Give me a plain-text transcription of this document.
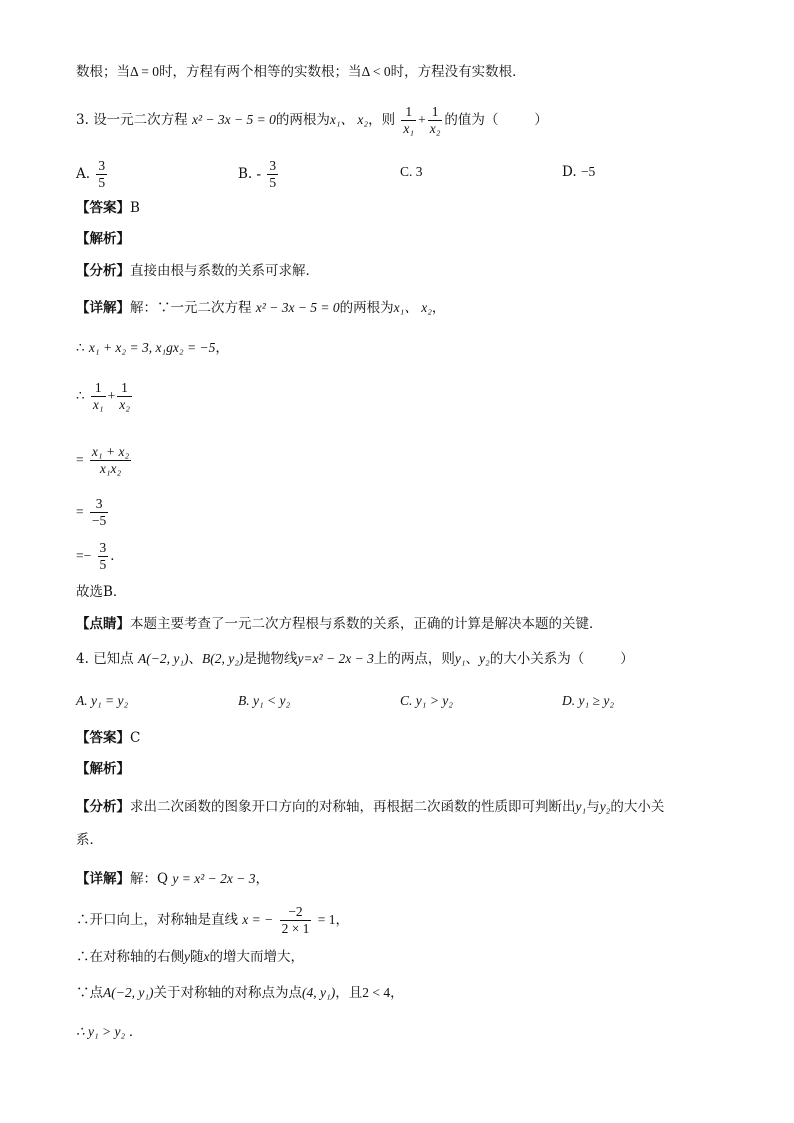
数根；当Δ = 0时，方程有两个相等的实数根；当Δ < 0时，方程没有实数根．
3. 设一元二次方程 x² − 3x − 5 = 0的两根为x₁、 x₂，则 $\frac{1}{\text{x₁}} + \frac{1}{\text{x₂}}$ 的值为（	）
A. $\frac{3}{5}$	B. - $\frac{3}{5}$	C. 3	D. −5
【答案】B
【解析】
【分析】直接由根与系数的关系可求解．
【详解】解：∵一元二次方程 x² − 3x − 5 = 0的两根为x₁、 x₂，
∴ x₁ + x₂ = 3, x₁gx₂ = −5，
∴ $\frac{1}{\text{x₁}} + \frac{1}{\text{x₂}}$
= $\frac{\text{x₁ + x₂}}{\text{x₁x₂}}$
= $\frac{3}{-5}$
=− $\frac{3}{5}$ ．
故选B．
【点睛】本题主要考查了一元二次方程根与系数的关系，正确的计算是解决本题的关键．
4. 已知点 A(−2, y₁)、B(2, y₂)是抛物线y=x² − 2x − 3上的两点，则y₁、y₂的大小关系为（	）
A. y₁ = y₂	B. y₁ < y₂	C. y₁ > y₂	D. y₁ ≥ y₂
【答案】C
【解析】
【分析】求出二次函数的图象开口方向的对称轴，再根据二次函数的性质即可判断出y₁与y₂的大小关
系．
【详解】解：Q y = x² − 2x − 3，
∴开口向上，对称轴是直线 x = − $\frac{-2}{2 \times 1} = 1$，
∴在对称轴的右侧y随x的增大而增大，
∵点A(−2, y₁)关于对称轴的对称点为点(4, y₁)，且2 < 4，
∴ y₁ > y₂ ．
